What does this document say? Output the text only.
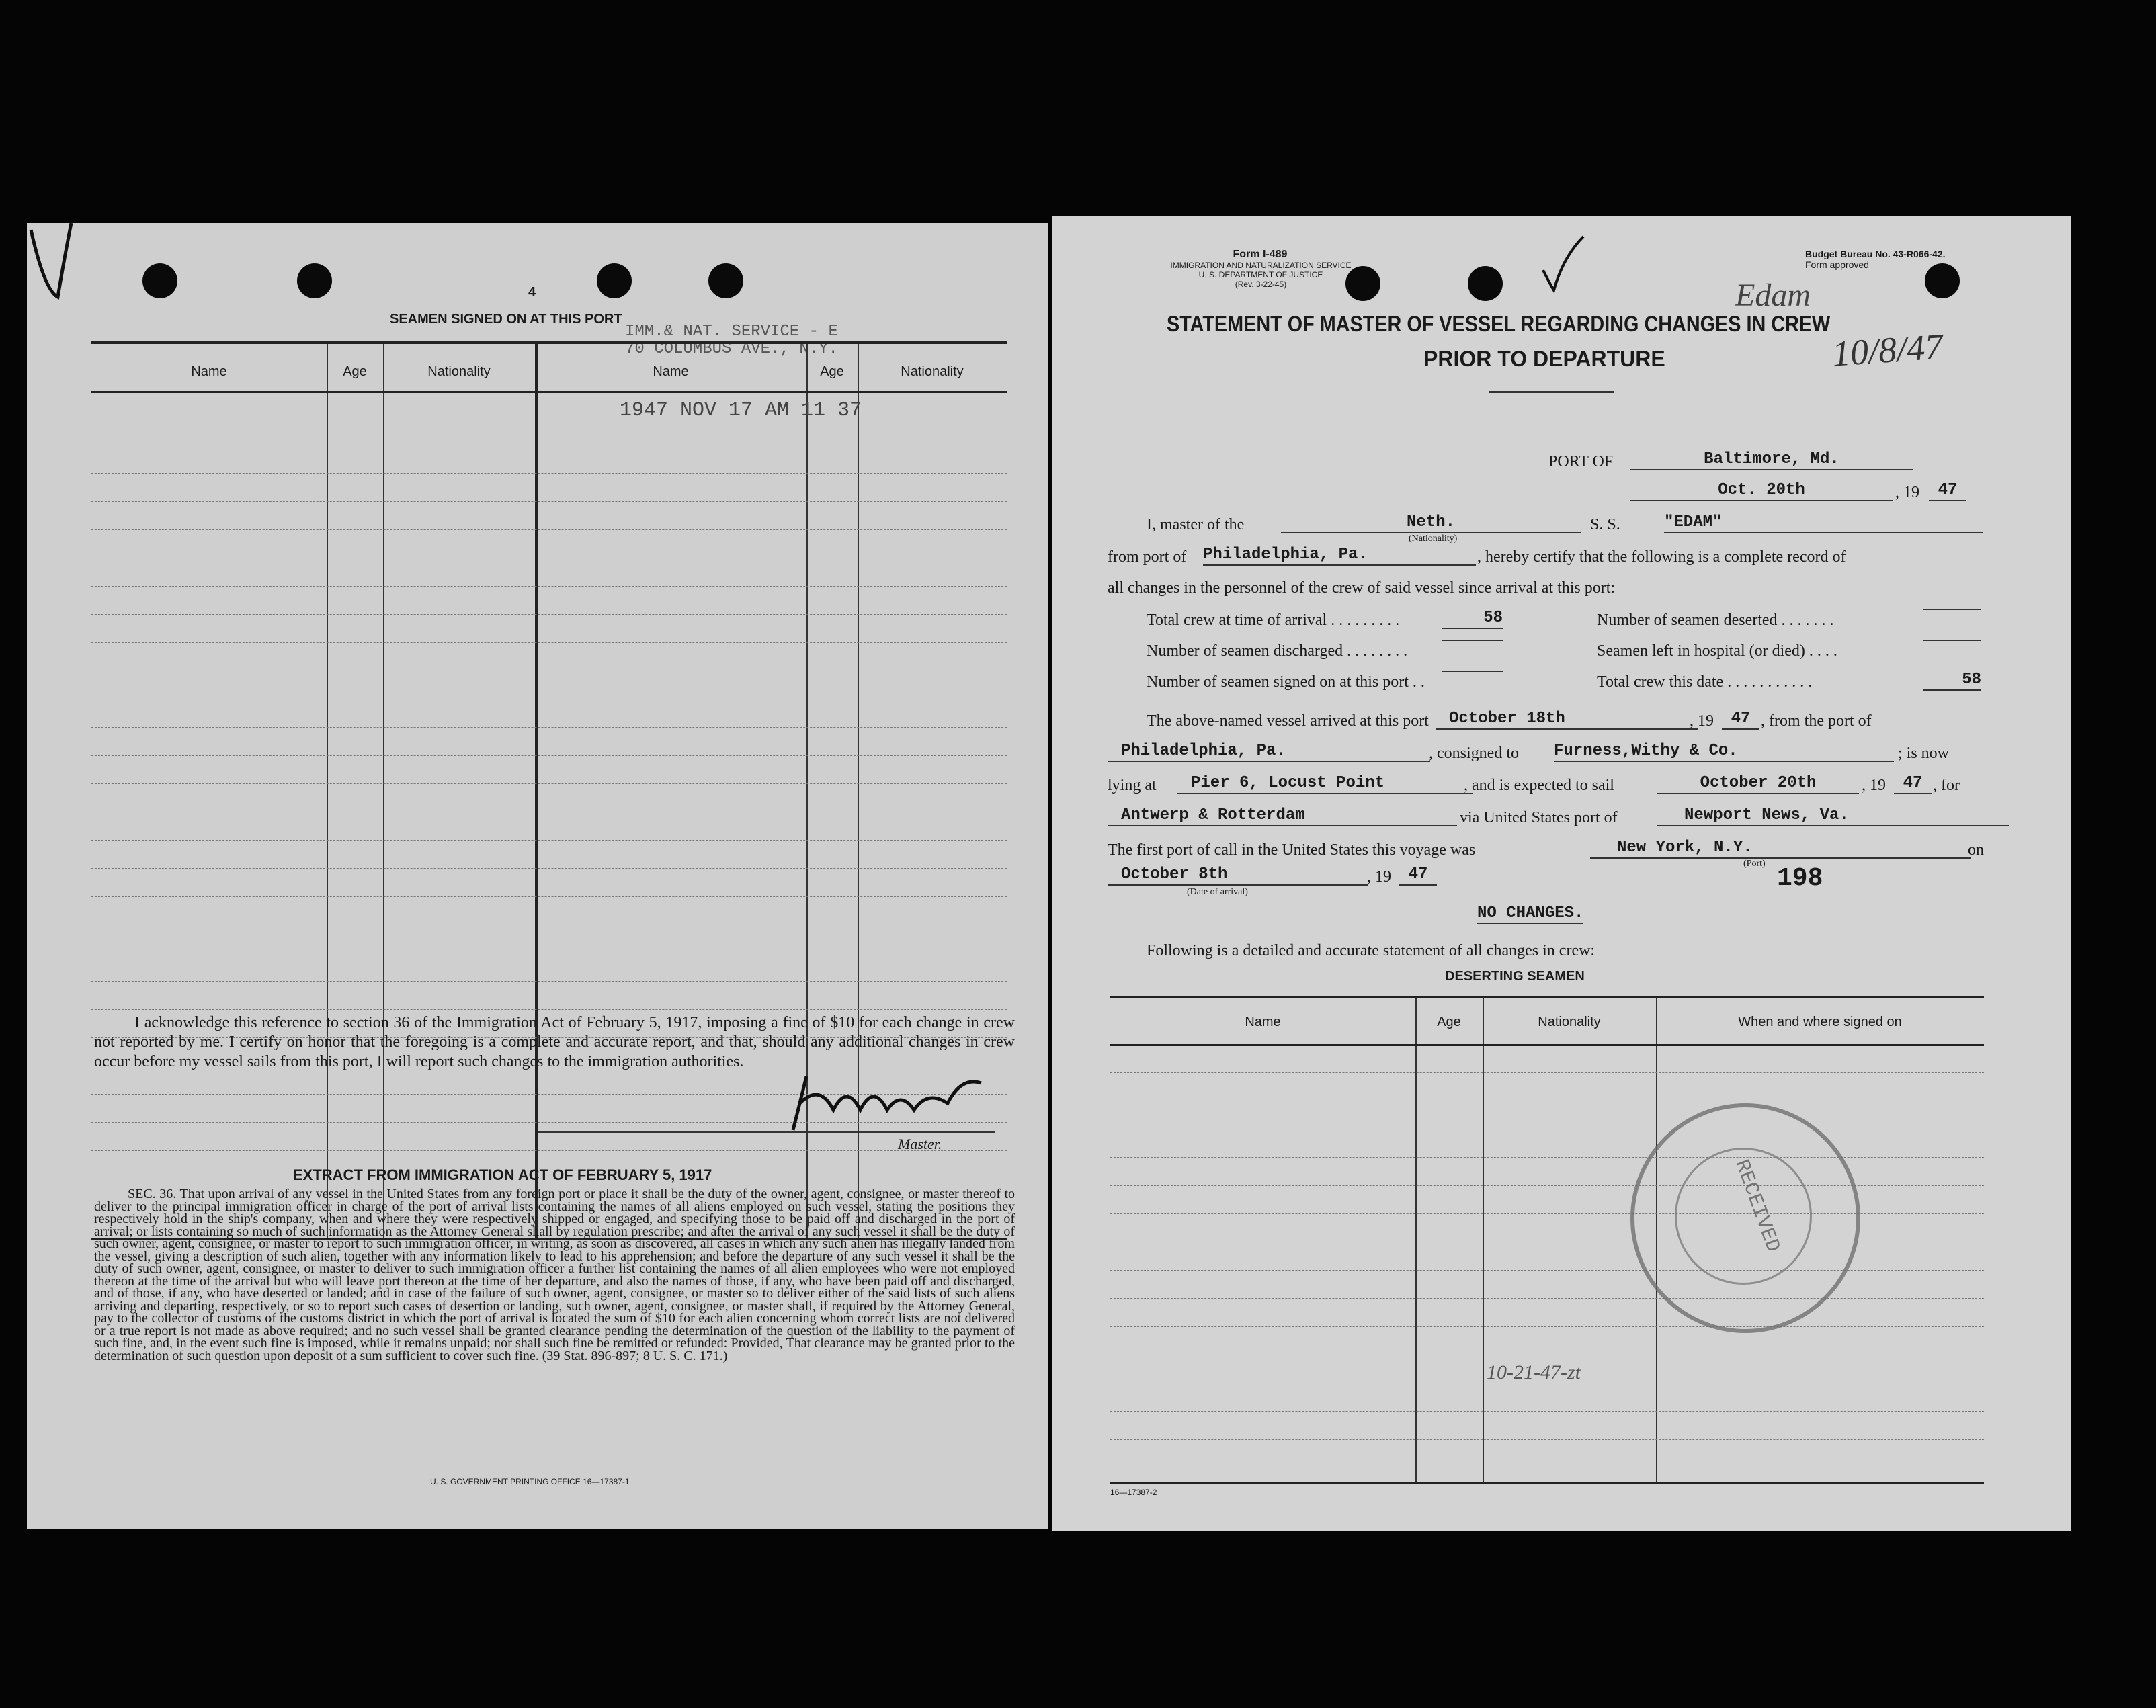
4
SEAMEN SIGNED ON AT THIS PORT
IMM.& NAT. SERVICE - E
70 COLUMBUS AVE., N.Y.
Name	Age	Nationality	Name	Age	Nationality
1947 NOV 17 AM 11 37
I acknowledge this reference to section 36 of the Immigration Act of February 5, 1917, imposing a fine of $10 for each change in crew not reported by me. I certify on honor that the foregoing is a complete and accurate report, and that, should any additional changes in crew occur before my vessel sails from this port, I will report such changes to the immigration authorities.
Master.
EXTRACT FROM IMMIGRATION ACT OF FEBRUARY 5, 1917
SEC. 36. That upon arrival of any vessel in the United States from any foreign port or place it shall be the duty of the owner, agent, consignee, or master thereof to deliver to the principal immigration officer in charge of the port of arrival lists containing the names of all aliens employed on such vessel, stating the positions they respectively hold in the ship's company, when and where they were respectively shipped or engaged, and specifying those to be paid off and discharged in the port of arrival; or lists containing so much of such information as the Attorney General shall by regulation prescribe; and after the arrival of any such vessel it shall be the duty of such owner, agent, consignee, or master to report to such immigration officer, in writing, as soon as discovered, all cases in which any such alien has illegally landed from the vessel, giving a description of such alien, together with any information likely to lead to his apprehension; and before the departure of any such vessel it shall be the duty of such owner, agent, consignee, or master to deliver to such immigration officer a further list containing the names of all alien employees who were not employed thereon at the time of the arrival but who will leave port thereon at the time of her departure, and also the names of those, if any, who have been paid off and discharged, and of those, if any, who have deserted or landed; and in case of the failure of such owner, agent, consignee, or master so to deliver either of the said lists of such aliens arriving and departing, respectively, or so to report such cases of desertion or landing, such owner, agent, consignee, or master shall, if required by the Attorney General, pay to the collector of customs of the customs district in which the port of arrival is located the sum of $10 for each alien concerning whom correct lists are not delivered or a true report is not made as above required; and no such vessel shall be granted clearance pending the determination of the question of the liability to the payment of such fine, and, in the event such fine is imposed, while it remains unpaid; nor shall such fine be remitted or refunded: Provided, That clearance may be granted prior to the determination of such question upon deposit of a sum sufficient to cover such fine. (39 Stat. 896-897; 8 U. S. C. 171.)
U. S. GOVERNMENT PRINTING OFFICE 16—17387-1
Form I-489
IMMIGRATION AND NATURALIZATION SERVICE
U. S. DEPARTMENT OF JUSTICE
(Rev. 3-22-45)
Budget Bureau No. 43-R066-42.
Form approved
Edam
10/8/47
STATEMENT OF MASTER OF VESSEL REGARDING CHANGES IN CREW
PRIOR TO DEPARTURE
PORT OF	Baltimore, Md.
Oct. 20th	, 19	47
I, master of the	Neth.
(Nationality)
S. S.	"EDAM"
from port of Philadelphia, Pa.	, hereby certify that the following is a complete record of
all changes in the personnel of the crew of said vessel since arrival at this port:
Total crew at time of arrival . . . . . . . . .	58	Number of seamen deserted . . . . . . .
Number of seamen discharged . . . . . . . .	Seamen left in hospital (or died) . . . .
Number of seamen signed on at this port . .	Total crew this date . . . . . . . . . . .	58
The above-named vessel arrived at this port	October 18th	, 19	47 , from the port of
Philadelphia, Pa.	, consigned to Furness,Withy & Co.	; is now
lying at	Pier 6, Locust Point	, and is expected to sail	October 20th	, 19	47 , for
Antwerp & Rotterdam	via United States port of	Newport News, Va.
The first port of call in the United States this voyage was	New York, N.Y.	on
(Port)
October 8th	, 19	47
(Date of arrival)	198
NO CHANGES.
Following is a detailed and accurate statement of all changes in crew:
DESERTING SEAMEN
Name	Age	Nationality	When and where signed on
10-21-47-zt
RECEIVED
16—17387-2
